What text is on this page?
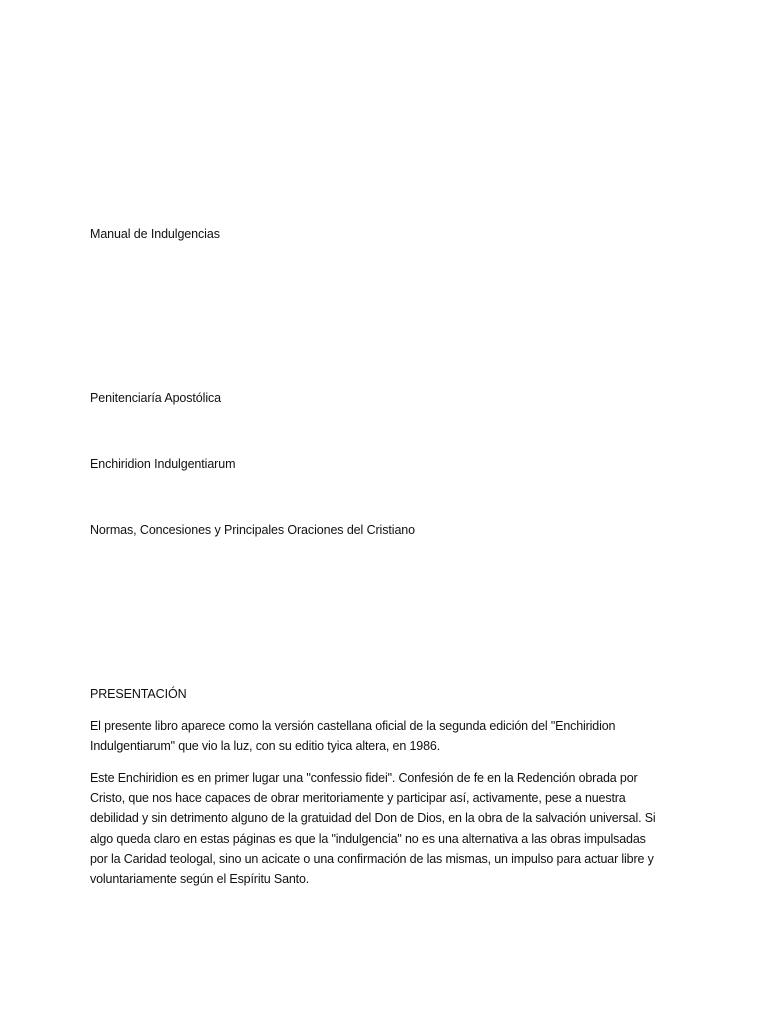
Manual de Indulgencias
Penitenciaría Apostólica
Enchiridion Indulgentiarum
Normas, Concesiones y Principales Oraciones del Cristiano
PRESENTACIÓN
El presente libro aparece como la versión castellana oficial de la segunda edición del "Enchiridion
Indulgentiarum" que vio la luz, con su editio tyica altera, en 1986.
Este Enchiridion es en primer lugar una "confessio fidei". Confesión de fe en la Redención obrada por
Cristo, que nos hace capaces de obrar meritoriamente y participar así, activamente, pese a nuestra
debilidad y sin detrimento alguno de la gratuidad del Don de Dios, en la obra de la salvación universal. Si
algo queda claro en estas páginas es que la "indulgencia" no es una alternativa a las obras impulsadas
por la Caridad teologal, sino un acicate o una confirmación de las mismas, un impulso para actuar libre y
voluntariamente según el Espíritu Santo.
